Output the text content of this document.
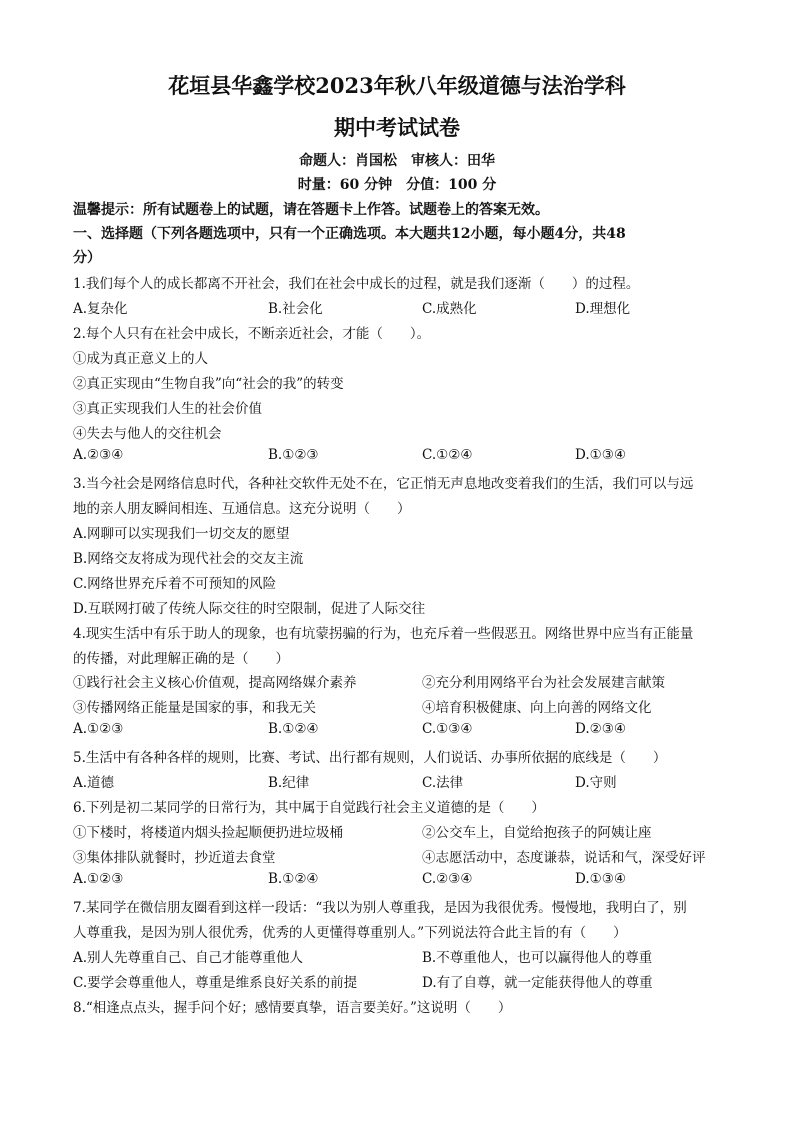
花垣县华鑫学校2023年秋八年级道德与法治学科
期中考试试卷
命题人：肖国松　审核人：田华
时量：60 分钟　分值：100 分
温馨提示：所有试题卷上的试题，请在答题卡上作答。试题卷上的答案无效。
一、选择题（下列各题选项中，只有一个正确选项。本大题共12小题，每小题4分，共48
分）
1.我们每个人的成长都离不开社会，我们在社会中成长的过程，就是我们逐渐（　　）的过程。
A.复杂化	B.社会化	C.成熟化	D.理想化
2.每个人只有在社会中成长，不断亲近社会，才能（　　）。
①成为真正意义上的人
②真正实现由“生物自我”向“社会的我”的转变
③真正实现我们人生的社会价值
④失去与他人的交往机会
A.②③④	B.①②③	C.①②④	D.①③④
3.当今社会是网络信息时代，各种社交软件无处不在，它正悄无声息地改变着我们的生活，我们可以与远
地的亲人朋友瞬间相连、互通信息。这充分说明（　　）
A.网聊可以实现我们一切交友的愿望
B.网络交友将成为现代社会的交友主流
C.网络世界充斥着不可预知的风险
D.互联网打破了传统人际交往的时空限制，促进了人际交往
4.现实生活中有乐于助人的现象，也有坑蒙拐骗的行为，也充斥着一些假恶丑。网络世界中应当有正能量
的传播，对此理解正确的是（　　）
①践行社会主义核心价值观，提高网络媒介素养	②充分利用网络平台为社会发展建言献策
③传播网络正能量是国家的事，和我无关	④培育积极健康、向上向善的网络文化
A.①②③	B.①②④	C.①③④	D.②③④
5.生活中有各种各样的规则，比赛、考试、出行都有规则，人们说话、办事所依据的底线是（　　）
A.道德	B.纪律	C.法律	D.守则
6.下列是初二某同学的日常行为，其中属于自觉践行社会主义道德的是（　　）
①下楼时，将楼道内烟头捡起顺便扔进垃圾桶	②公交车上，自觉给抱孩子的阿姨让座
③集体排队就餐时，抄近道去食堂	④志愿活动中，态度谦恭，说话和气，深受好评
A.①②③	B.①②④	C.②③④	D.①③④
7.某同学在微信朋友圈看到这样一段话：“我以为别人尊重我，是因为我很优秀。慢慢地，我明白了，别
人尊重我，是因为别人很优秀，优秀的人更懂得尊重别人。”下列说法符合此主旨的有（　　）
A.别人先尊重自己、自己才能尊重他人	B.不尊重他人，也可以赢得他人的尊重
C.要学会尊重他人，尊重是维系良好关系的前提	D.有了自尊，就一定能获得他人的尊重
8.“相逢点点头，握手问个好；感情要真挚，语言要美好。”这说明（　　）
